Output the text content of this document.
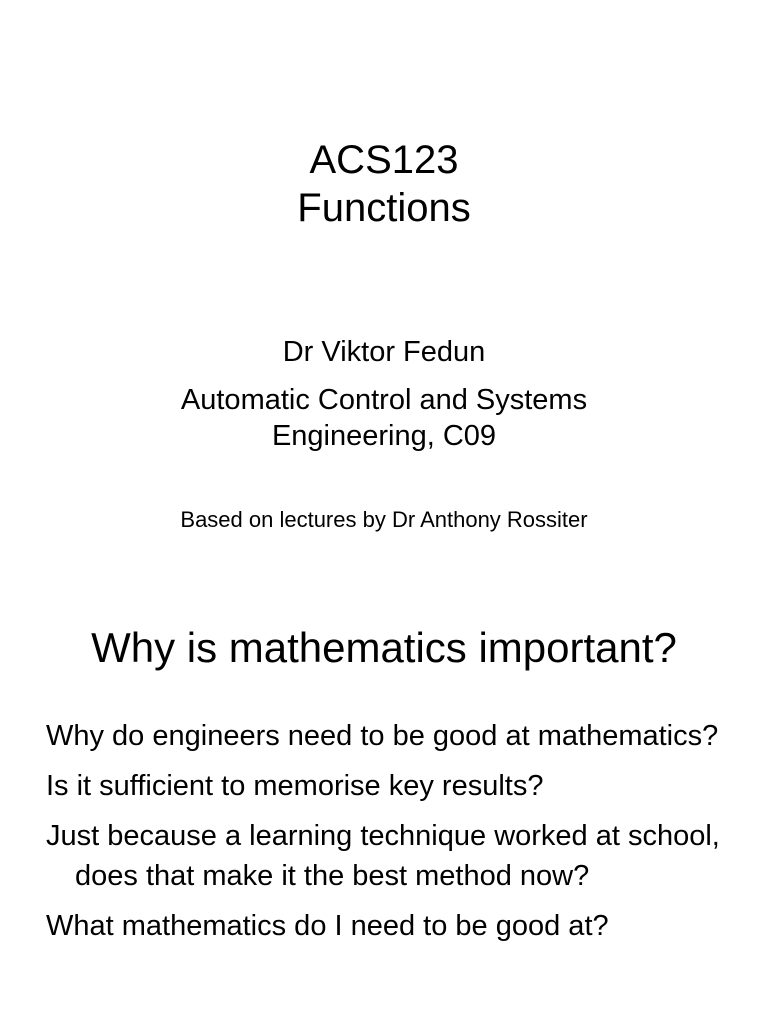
ACS123
Functions
Dr Viktor Fedun
Automatic Control and Systems
Engineering, C09
Based on lectures by Dr Anthony Rossiter
Why is mathematics important?
Why do engineers need to be good at mathematics?
Is it sufficient to memorise key results?
Just because a learning technique worked at school, does that make it the best method now?
What mathematics do I need to be good at?
